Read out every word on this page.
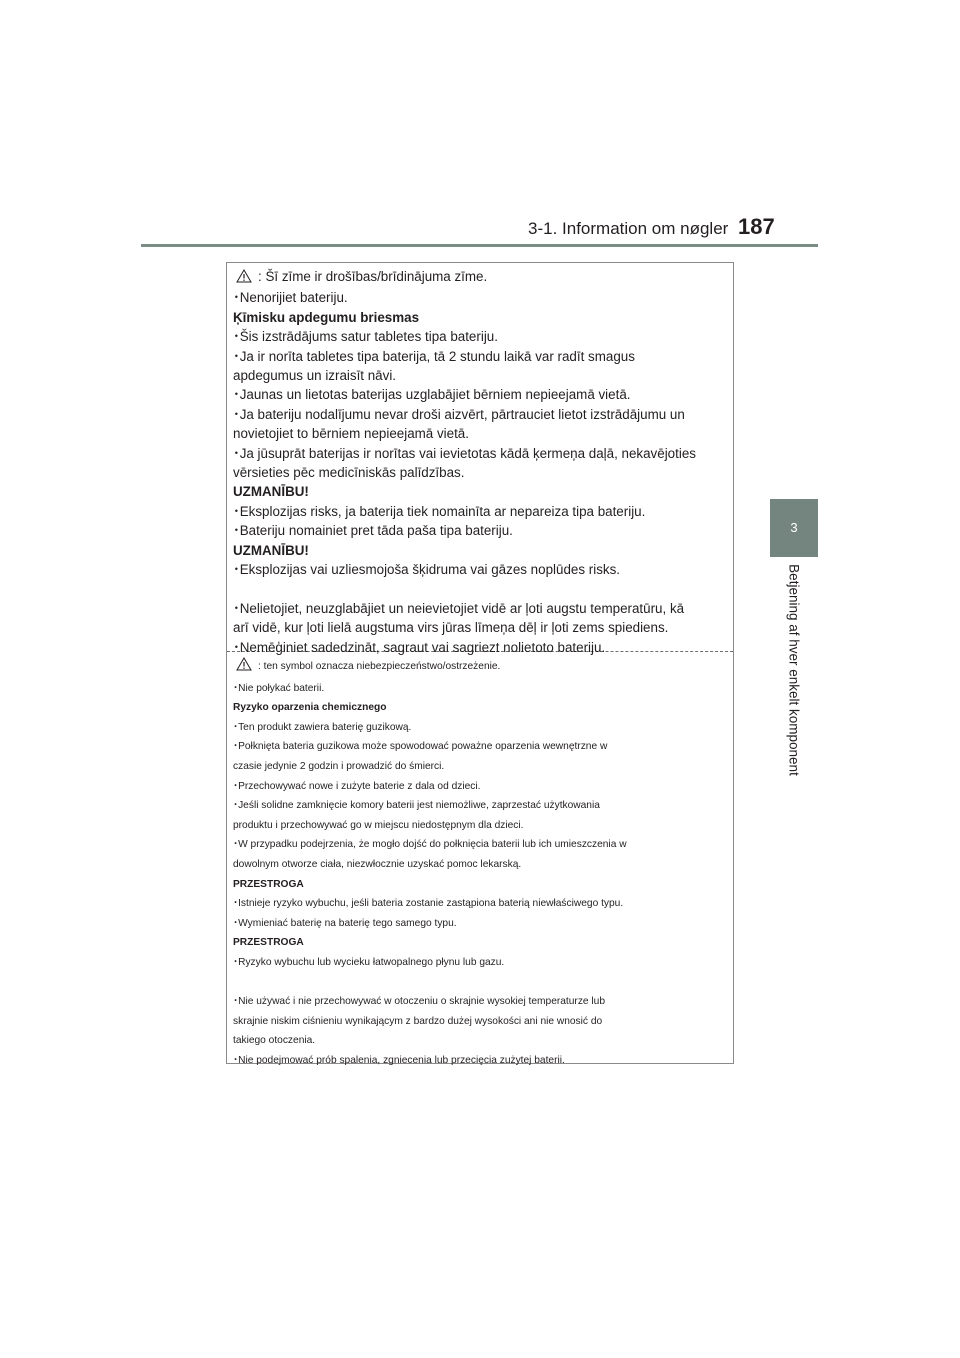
3-1. Information om nøgler 187
3
Betjening af hver enkelt komponent

: Šī zīme ir drošības/brīdinājuma zīme.

･Nenorijiet bateriju.

Ķīmisku apdegumu briesmas

･Šis izstrādājums satur tabletes tipa bateriju.

･Ja ir norīta tabletes tipa baterija, tā 2 stundu laikā var radīt smagus

apdegumus un izraisīt nāvi.

･Jaunas un lietotas baterijas uzglabājiet bērniem nepieejamā vietā.

･Ja bateriju nodalījumu nevar droši aizvērt, pārtrauciet lietot izstrādājumu un

novietojiet to bērniem nepieejamā vietā.

･Ja jūsuprāt baterijas ir norītas vai ievietotas kādā ķermeņa daļā, nekavējoties

vērsieties pēc medicīniskās palīdzības.

UZMANĪBU!

･Eksplozijas risks, ja baterija tiek nomainīta ar nepareiza tipa bateriju.

･Bateriju nomainiet pret tāda paša tipa bateriju.

UZMANĪBU!

･Eksplozijas vai uzliesmojoša šķidruma vai gāzes noplūdes risks.

･Nelietojiet, neuzglabājiet un neievietojiet vidē ar ļoti augstu temperatūru, kā

arī vidē, kur ļoti lielā augstuma virs jūras līmeņa dēļ ir ļoti zems spiediens.

･Nemēģiniet sadedzināt, sagraut vai sagriezt nolietoto bateriju.

: ten symbol oznacza niebezpieczeństwo/ostrzeżenie.

･Nie połykać baterii.

Ryzyko oparzenia chemicznego

･Ten produkt zawiera baterię guzikową.

･Połknięta bateria guzikowa może spowodować poważne oparzenia wewnętrzne w

czasie jedynie 2 godzin i prowadzić do śmierci.

･Przechowywać nowe i zużyte baterie z dala od dzieci.

･Jeśli solidne zamknięcie komory baterii jest niemożliwe, zaprzestać użytkowania

produktu i przechowywać go w miejscu niedostępnym dla dzieci.

･W przypadku podejrzenia, że mogło dojść do połknięcia baterii lub ich umieszczenia w

dowolnym otworze ciała, niezwłocznie uzyskać pomoc lekarską.

PRZESTROGA

･Istnieje ryzyko wybuchu, jeśli bateria zostanie zastąpiona baterią niewłaściwego typu.

･Wymieniać baterię na baterię tego samego typu.

PRZESTROGA

･Ryzyko wybuchu lub wycieku łatwopalnego płynu lub gazu.

･Nie używać i nie przechowywać w otoczeniu o skrajnie wysokiej temperaturze lub

skrajnie niskim ciśnieniu wynikającym z bardzo dużej wysokości ani nie wnosić do

takiego otoczenia.

･Nie podejmować prób spalenia, zgniecenia lub przecięcia zużytej baterii.
